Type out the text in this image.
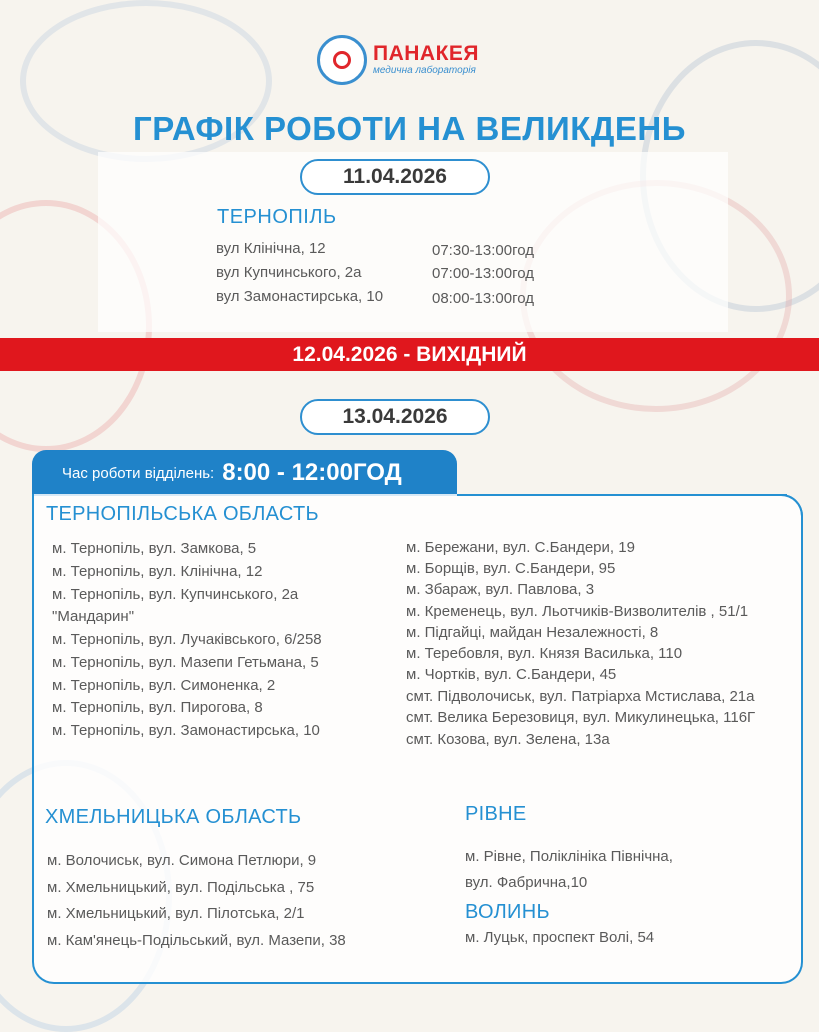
ПАНАКЕЯ
медична лабораторія
ГРАФІК РОБОТИ НА ВЕЛИКДЕНЬ
11.04.2026
ТЕРНОПІЛЬ
вул Клінічна, 12	07:30-13:00год
вул Купчинського, 2а	07:00-13:00год
вул Замонастирська, 10	08:00-13:00год
12.04.2026 - ВИХІДНИЙ
13.04.2026
Час роботи відділень: 8:00 - 12:00ГОД
ТЕРНОПІЛЬСЬКА ОБЛАСТЬ
м. Тернопіль, вул. Замкова, 5
м. Тернопіль, вул. Клінічна, 12
м. Тернопіль, вул. Купчинського, 2а
"Мандарин"
м. Тернопіль, вул. Лучаківського, 6/258
м. Тернопіль, вул. Мазепи Гетьмана, 5
м. Тернопіль, вул. Симоненка, 2
м. Тернопіль, вул. Пирогова, 8
м. Тернопіль, вул. Замонастирська, 10
м. Бережани, вул. С.Бандери, 19
м. Борщів, вул. С.Бандери, 95
м. Збараж, вул. Павлова, 3
м. Кременець, вул. Льотчиків-Визволителів , 51/1
м. Підгайці, майдан Незалежності, 8
м. Теребовля, вул. Князя Василька, 110
м. Чортків, вул. С.Бандери, 45
смт. Підволочиськ, вул. Патріарха Мстислава, 21а
смт. Велика Березовиця, вул. Микулинецька, 116Г
смт. Козова, вул. Зелена, 13а
ХМЕЛЬНИЦЬКА ОБЛАСТЬ
м. Волочиськ, вул. Симона Петлюри, 9
м. Хмельницький, вул. Подільська , 75
м. Хмельницький, вул. Пілотська, 2/1
м. Кам'янець-Подільський, вул. Мазепи, 38
РІВНЕ
м. Рівне, Поліклініка Північна,
вул. Фабрична,10
ВОЛИНЬ
м. Луцьк, проспект Волі, 54
